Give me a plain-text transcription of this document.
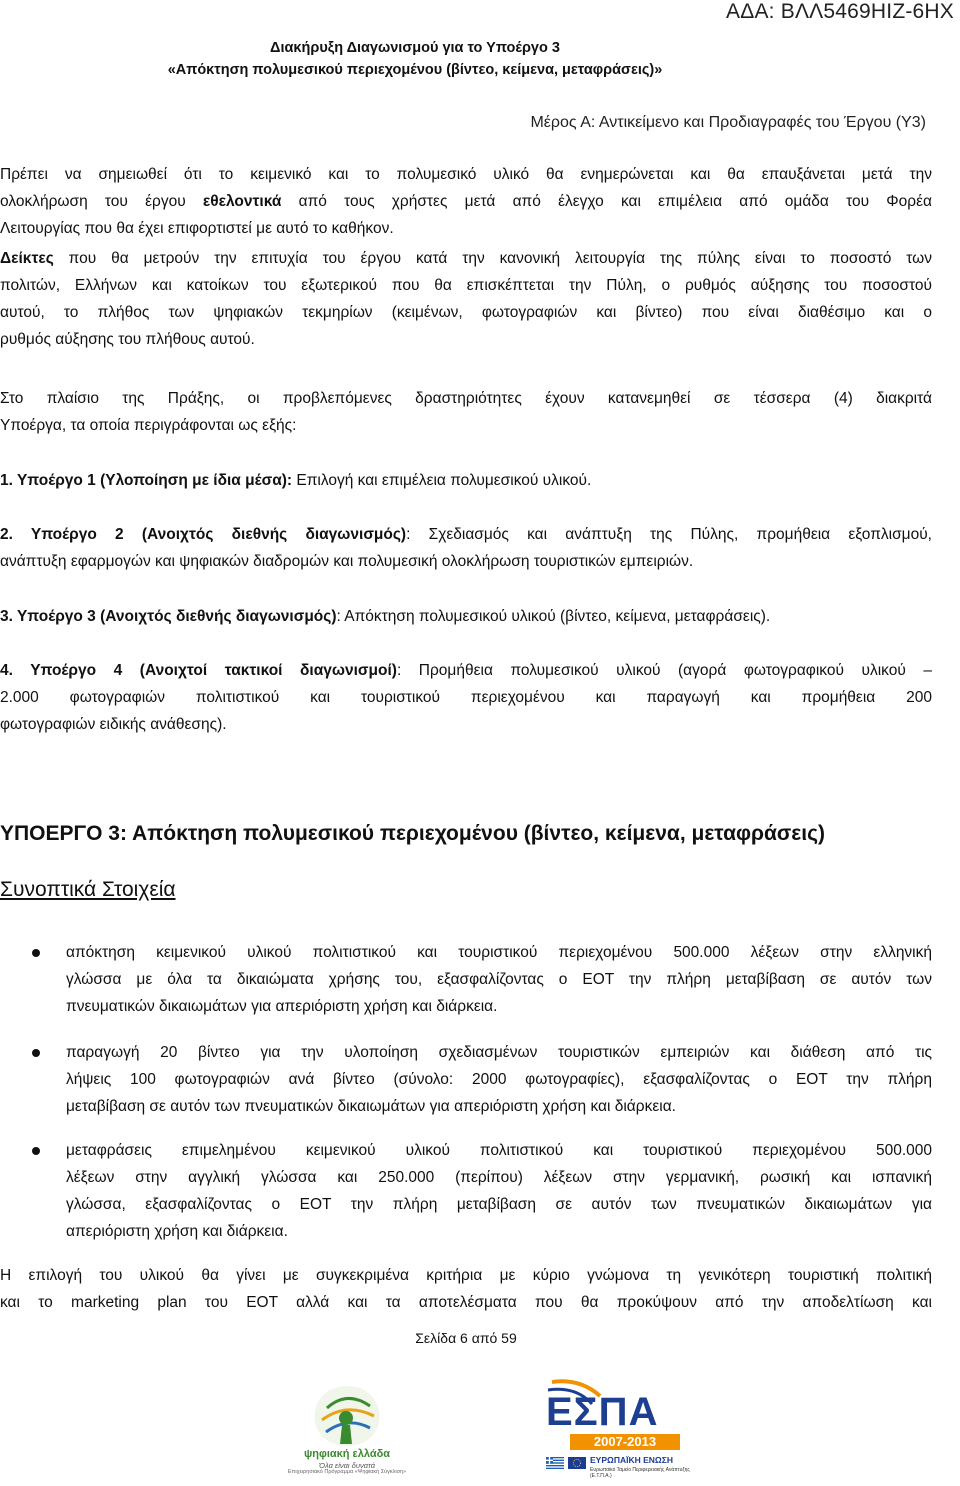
ΑΔΑ: ΒΛΛ5469ΗΙΖ-6ΗΧ
Διακήρυξη Διαγωνισμού για το Υποέργο 3
«Απόκτηση πολυμεσικού περιεχομένου (βίντεο, κείμενα, μεταφράσεις)»
Μέρος Α: Αντικείμενο και Προδιαγραφές του Έργου (Υ3)
Πρέπει να σημειωθεί ότι το κειμενικό και το πολυμεσικό υλικό θα ενημερώνεται και θα επαυξάνεται μετά την
ολοκλήρωση του έργου εθελοντικά από τους χρήστες μετά από έλεγχο και επιμέλεια από ομάδα του Φορέα
Λειτουργίας που θα έχει επιφορτιστεί με αυτό το καθήκον.
Δείκτες που θα μετρούν την επιτυχία του έργου κατά την κανονική λειτουργία της πύλης είναι το ποσοστό των
πολιτών, Ελλήνων και κατοίκων του εξωτερικού που θα επισκέπτεται την Πύλη, ο ρυθμός αύξησης του ποσοστού
αυτού, το πλήθος των ψηφιακών τεκμηρίων (κειμένων, φωτογραφιών και βίντεο) που είναι διαθέσιμο και ο
ρυθμός αύξησης του πλήθους αυτού.
Στο πλαίσιο της Πράξης, οι προβλεπόμενες δραστηριότητες έχουν κατανεμηθεί σε τέσσερα (4) διακριτά
Υποέργα, τα οποία περιγράφονται ως εξής:
1. Υποέργο 1 (Υλοποίηση με ίδια μέσα): Επιλογή και επιμέλεια πολυμεσικού υλικού.
2. Υποέργο 2 (Ανοιχτός διεθνής διαγωνισμός): Σχεδιασμός και ανάπτυξη της Πύλης, προμήθεια εξοπλισμού,
ανάπτυξη εφαρμογών και ψηφιακών διαδρομών και πολυμεσική ολοκλήρωση τουριστικών εμπειριών.
3. Υποέργο 3 (Ανοιχτός διεθνής διαγωνισμός): Απόκτηση πολυμεσικού υλικού (βίντεο, κείμενα, μεταφράσεις).
4. Υποέργο 4 (Ανοιχτοί τακτικοί διαγωνισμοί): Προμήθεια πολυμεσικού υλικού (αγορά φωτογραφικού υλικού –
2.000 φωτογραφιών πολιτιστικού και τουριστικού περιεχομένου και παραγωγή και προμήθεια 200
φωτογραφιών ειδικής ανάθεσης).
ΥΠΟΕΡΓΟ 3: Απόκτηση πολυμεσικού περιεχομένου (βίντεο, κείμενα, μεταφράσεις)
Συνοπτικά Στοιχεία
απόκτηση κειμενικού υλικού πολιτιστικού και τουριστικού περιεχομένου 500.000 λέξεων στην ελληνική
γλώσσα με όλα τα δικαιώματα χρήσης του, εξασφαλίζοντας ο ΕΟΤ την πλήρη μεταβίβαση σε αυτόν των
πνευματικών δικαιωμάτων για απεριόριστη χρήση και διάρκεια.
παραγωγή 20 βίντεο για την υλοποίηση σχεδιασμένων τουριστικών εμπειριών και διάθεση από τις
λήψεις 100 φωτογραφιών ανά βίντεο (σύνολο: 2000 φωτογραφίες), εξασφαλίζοντας ο ΕΟΤ την πλήρη
μεταβίβαση σε αυτόν των πνευματικών δικαιωμάτων για απεριόριστη χρήση και διάρκεια.
μεταφράσεις επιμελημένου κειμενικού υλικού πολιτιστικού και τουριστικού περιεχομένου 500.000
λέξεων στην αγγλική γλώσσα και 250.000 (περίπου) λέξεων στην γερμανική, ρωσική και ισπανική
γλώσσα, εξασφαλίζοντας ο ΕΟΤ την πλήρη μεταβίβαση σε αυτόν των πνευματικών δικαιωμάτων για
απεριόριστη χρήση και διάρκεια.
Η επιλογή του υλικού θα γίνει με συγκεκριμένα κριτήρια με κύριο γνώμονα τη γενικότερη τουριστική πολιτική
και το marketing plan του ΕΟΤ αλλά και τα αποτελέσματα που θα προκύψουν από την αποδελτίωση και
Σελίδα 6 από 59
ψηφιακή ελλάδα
Όλα είναι δυνατά
Επιχειρησιακό Πρόγραμμα «Ψηφιακή Σύγκλιση»
ΕΣΠΑ
2007-2013
ΕΥΡΩΠΑΪΚΗ ΕΝΩΣΗ
Ευρωπαϊκό Ταμείο Περιφερειακής Ανάπτυξης (Ε.Τ.Π.Α.)
